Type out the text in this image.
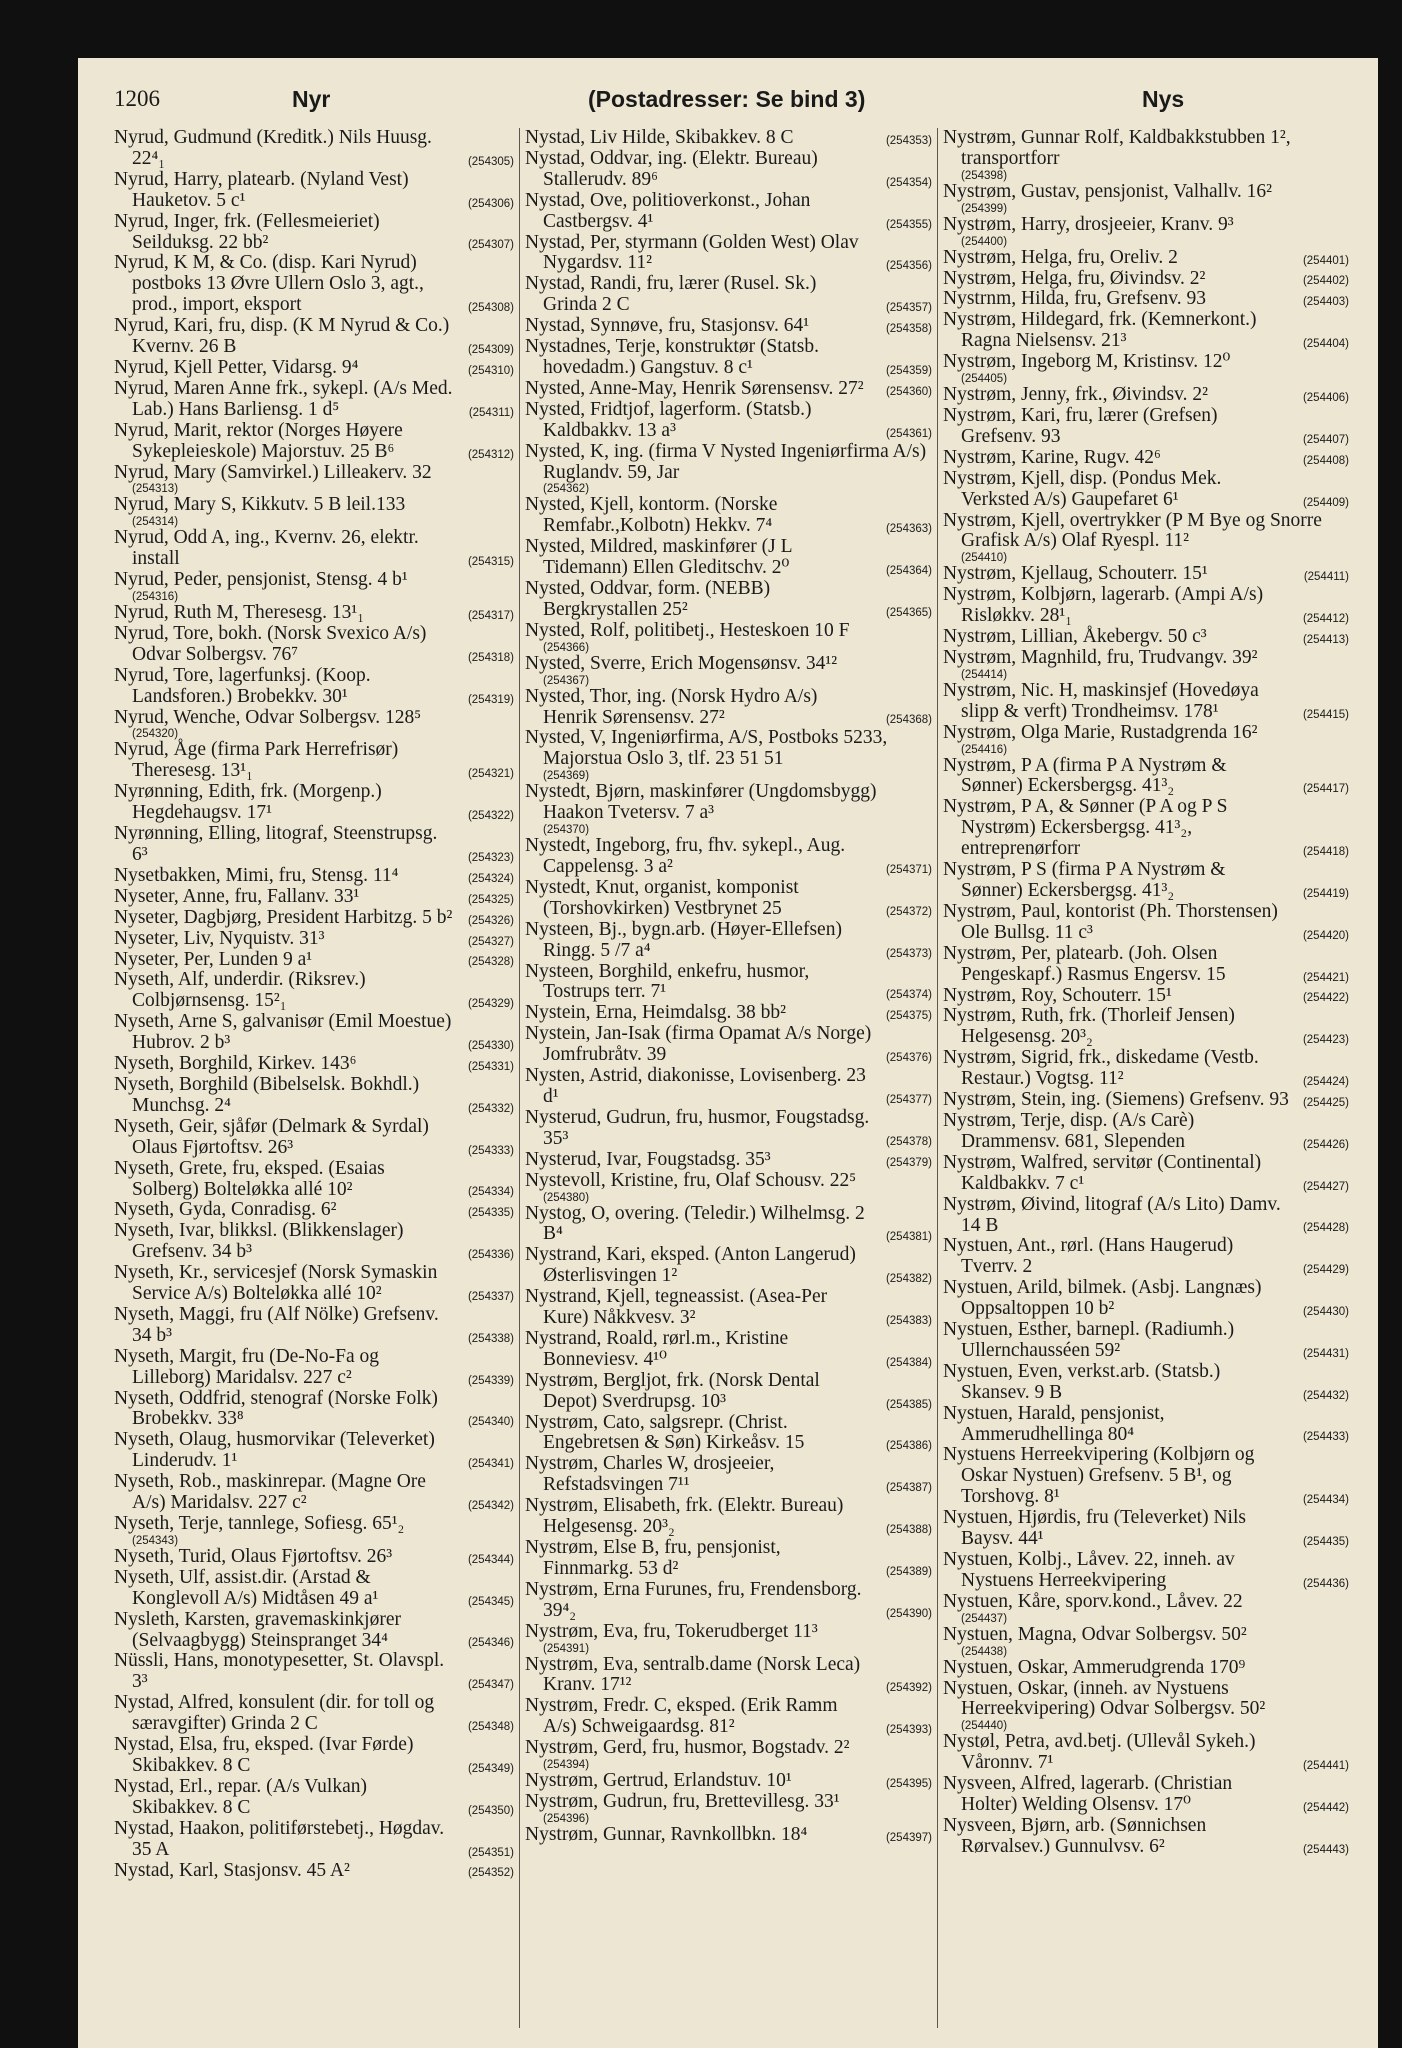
1206	Nyr	(Postadresser: Se bind 3)	Nys
Nyrud, Gudmund (Kreditk.) Nils Huusg. 22⁴₁	(254305)
Nyrud, Harry, platearb. (Nyland Vest) Hauketov. 5 c¹	(254306)
Nyrud, Inger, frk. (Fellesmeieriet) Seilduksg. 22 bb²	(254307)
Nyrud, K M, & Co. (disp. Kari Nyrud) postboks 13 Øvre Ullern Oslo 3, agt., prod., import, eksport	(254308)
Nyrud, Kari, fru, disp. (K M Nyrud & Co.) Kvernv. 26 B	(254309)
Nyrud, Kjell Petter, Vidarsg. 9⁴	(254310)
Nyrud, Maren Anne frk., sykepl. (A/s Med. Lab.) Hans Barliensg. 1 d⁵	(254311)
Nyrud, Marit, rektor (Norges Høyere Sykepleieskole) Majorstuv. 25 B⁶	(254312)
Nyrud, Mary (Samvirkel.) Lilleakerv. 32
(254313)
Nyrud, Mary S, Kikkutv. 5 B leil.133
(254314)
Nyrud, Odd A, ing., Kvernv. 26, elektr. install	(254315)
Nyrud, Peder, pensjonist, Stensg. 4 b¹
(254316)
Nyrud, Ruth M, Theresesg. 13¹₁	(254317)
Nyrud, Tore, bokh. (Norsk Svexico A/s) Odvar Solbergsv. 76⁷	(254318)
Nyrud, Tore, lagerfunksj. (Koop. Landsforen.) Brobekkv. 30¹	(254319)
Nyrud, Wenche, Odvar Solbergsv. 128⁵
(254320)
Nyrud, Åge (firma Park Herrefrisør) Theresesg. 13¹₁	(254321)
Nyrønning, Edith, frk. (Morgenp.) Hegdehaugsv. 17¹	(254322)
Nyrønning, Elling, litograf, Steenstrupsg. 6³	(254323)
Nysetbakken, Mimi, fru, Stensg. 11⁴	(254324)
Nyseter, Anne, fru, Fallanv. 33¹	(254325)
Nyseter, Dagbjørg, President Harbitzg. 5 b² (254326)
Nyseter, Liv, Nyquistv. 31³	(254327)
Nyseter, Per, Lunden 9 a¹	(254328)
Nyseth, Alf, underdir. (Riksrev.) Colbjørnsensg. 15²₁	(254329)
Nyseth, Arne S, galvanisør (Emil Moestue) Hubrov. 2 b³	(254330)
Nyseth, Borghild, Kirkev. 143⁶	(254331)
Nyseth, Borghild (Bibelselsk. Bokhdl.) Munchsg. 2⁴	(254332)
Nyseth, Geir, sjåfør (Delmark & Syrdal) Olaus Fjørtoftsv. 26³	(254333)
Nyseth, Grete, fru, eksped. (Esaias Solberg) Bolteløkka allé 10²	(254334)
Nyseth, Gyda, Conradisg. 6²	(254335)
Nyseth, Ivar, blikksl. (Blikkenslager) Grefsenv. 34 b³	(254336)
Nyseth, Kr., servicesjef (Norsk Symaskin Service A/s) Bolteløkka allé 10²	(254337)
Nyseth, Maggi, fru (Alf Nölke) Grefsenv. 34 b³	(254338)
Nyseth, Margit, fru (De-No-Fa og Lilleborg) Maridalsv. 227 c²	(254339)
Nyseth, Oddfrid, stenograf (Norske Folk) Brobekkv. 33⁸	(254340)
Nyseth, Olaug, husmorvikar (Televerket) Linderudv. 1¹	(254341)
Nyseth, Rob., maskinrepar. (Magne Ore A/s) Maridalsv. 227 c²	(254342)
Nyseth, Terje, tannlege, Sofiesg. 65¹₂
(254343)
Nyseth, Turid, Olaus Fjørtoftsv. 26³	(254344)
Nyseth, Ulf, assist.dir. (Arstad & Konglevoll A/s) Midtåsen 49 a¹	(254345)
Nysleth, Karsten, gravemaskinkjører (Selvaagbygg) Steinspranget 34⁴	(254346)
Nüssli, Hans, monotypesetter, St. Olavspl. 3³	(254347)
Nystad, Alfred, konsulent (dir. for toll og særavgifter) Grinda 2 C	(254348)
Nystad, Elsa, fru, eksped. (Ivar Førde) Skibakkev. 8 C	(254349)
Nystad, Erl., repar. (A/s Vulkan) Skibakkev. 8 C	(254350)
Nystad, Haakon, politiførstebetj., Høgdav. 35 A	(254351)
Nystad, Karl, Stasjonsv. 45 A²	(254352)
Nystad, Liv Hilde, Skibakkev. 8 C	(254353)
Nystad, Oddvar, ing. (Elektr. Bureau) Stallerudv. 89⁶	(254354)
Nystad, Ove, politioverkonst., Johan Castbergsv. 4¹	(254355)
Nystad, Per, styrmann (Golden West) Olav Nygardsv. 11²	(254356)
Nystad, Randi, fru, lærer (Rusel. Sk.) Grinda 2 C	(254357)
Nystad, Synnøve, fru, Stasjonsv. 64¹	(254358)
Nystadnes, Terje, konstruktør (Statsb. hovedadm.) Gangstuv. 8 c¹	(254359)
Nysted, Anne-May, Henrik Sørensensv. 27² (254360)
Nysted, Fridtjof, lagerform. (Statsb.) Kaldbakkv. 13 a³	(254361)
Nysted, K, ing. (firma V Nysted Ingeniørfirma A/s) Ruglandv. 59, Jar
(254362)
Nysted, Kjell, kontorm. (Norske Remfabr.,Kolbotn) Hekkv. 7⁴	(254363)
Nysted, Mildred, maskinfører (J L Tidemann) Ellen Gleditschv. 2⁰	(254364)
Nysted, Oddvar, form. (NEBB) Bergkrystallen 25²	(254365)
Nysted, Rolf, politibetj., Hesteskoen 10 F
(254366)
Nysted, Sverre, Erich Mogensønsv. 34¹²
(254367)
Nysted, Thor, ing. (Norsk Hydro A/s) Henrik Sørensensv. 27²	(254368)
Nysted, V, Ingeniørfirma, A/S, Postboks 5233, Majorstua Oslo 3, tlf. 23 51 51
(254369)
Nystedt, Bjørn, maskinfører (Ungdomsbygg) Haakon Tvetersv. 7 a³
(254370)
Nystedt, Ingeborg, fru, fhv. sykepl., Aug. Cappelensg. 3 a²	(254371)
Nystedt, Knut, organist, komponist (Torshovkirken) Vestbrynet 25	(254372)
Nysteen, Bj., bygn.arb. (Høyer-Ellefsen) Ringg. 5 /7 a⁴	(254373)
Nysteen, Borghild, enkefru, husmor, Tostrups terr. 7¹	(254374)
Nystein, Erna, Heimdalsg. 38 bb²	(254375)
Nystein, Jan-Isak (firma Opamat A/s Norge) Jomfrubråtv. 39	(254376)
Nysten, Astrid, diakonisse, Lovisenberg. 23 d¹	(254377)
Nysterud, Gudrun, fru, husmor, Fougstadsg. 35³	(254378)
Nysterud, Ivar, Fougstadsg. 35³	(254379)
Nystevoll, Kristine, fru, Olaf Schousv. 22⁵
(254380)
Nystog, O, overing. (Teledir.) Wilhelmsg. 2 B⁴	(254381)
Nystrand, Kari, eksped. (Anton Langerud) Østerlisvingen 1²	(254382)
Nystrand, Kjell, tegneassist. (Asea-Per Kure) Nåkkvesv. 3²	(254383)
Nystrand, Roald, rørl.m., Kristine Bonneviesv. 4¹⁰	(254384)
Nystrøm, Bergljot, frk. (Norsk Dental Depot) Sverdrupsg. 10³	(254385)
Nystrøm, Cato, salgsrepr. (Christ. Engebretsen & Søn) Kirkeåsv. 15	(254386)
Nystrøm, Charles W, drosjeeier, Refstadsvingen 7¹¹	(254387)
Nystrøm, Elisabeth, frk. (Elektr. Bureau) Helgesensg. 20³₂	(254388)
Nystrøm, Else B, fru, pensjonist, Finnmarkg. 53 d²	(254389)
Nystrøm, Erna Furunes, fru, Frendensborg. 39⁴₂	(254390)
Nystrøm, Eva, fru, Tokerudberget 11³
(254391)
Nystrøm, Eva, sentralb.dame (Norsk Leca) Kranv. 17¹²	(254392)
Nystrøm, Fredr. C, eksped. (Erik Ramm A/s) Schweigaardsg. 81²	(254393)
Nystrøm, Gerd, fru, husmor, Bogstadv. 2²
(254394)
Nystrøm, Gertrud, Erlandstuv. 10¹	(254395)
Nystrøm, Gudrun, fru, Brettevillesg. 33¹
(254396)
Nystrøm, Gunnar, Ravnkollbkn. 18⁴	(254397)
Nystrøm, Gunnar Rolf, Kaldbakkstubben 1², transportforr
(254398)
Nystrøm, Gustav, pensjonist, Valhallv. 16²
(254399)
Nystrøm, Harry, drosjeeier, Kranv. 9³
(254400)
Nystrøm, Helga, fru, Oreliv. 2	(254401)
Nystrøm, Helga, fru, Øivindsv. 2²	(254402)
Nystrnm, Hilda, fru, Grefsenv. 93	(254403)
Nystrøm, Hildegard, frk. (Kemnerkont.) Ragna Nielsensv. 21³	(254404)
Nystrøm, Ingeborg M, Kristinsv. 12⁰
(254405)
Nystrøm, Jenny, frk., Øivindsv. 2²	(254406)
Nystrøm, Kari, fru, lærer (Grefsen) Grefsenv. 93	(254407)
Nystrøm, Karine, Rugv. 42⁶	(254408)
Nystrøm, Kjell, disp. (Pondus Mek. Verksted A/s) Gaupefaret 6¹	(254409)
Nystrøm, Kjell, overtrykker (P M Bye og Snorre Grafisk A/s) Olaf Ryespl. 11²
(254410)
Nystrøm, Kjellaug, Schouterr. 15¹	(254411)
Nystrøm, Kolbjørn, lagerarb. (Ampi A/s) Risløkkv. 28¹₁	(254412)
Nystrøm, Lillian, Åkebergv. 50 c³	(254413)
Nystrøm, Magnhild, fru, Trudvangv. 39²
(254414)
Nystrøm, Nic. H, maskinsjef (Hovedøya slipp & verft) Trondheimsv. 178¹	(254415)
Nystrøm, Olga Marie, Rustadgrenda 16²
(254416)
Nystrøm, P A (firma P A Nystrøm & Sønner) Eckersbergsg. 41³₂	(254417)
Nystrøm, P A, & Sønner (P A og P S Nystrøm) Eckersbergsg. 41³₂, entreprenørforr	(254418)
Nystrøm, P S (firma P A Nystrøm & Sønner) Eckersbergsg. 41³₂	(254419)
Nystrøm, Paul, kontorist (Ph. Thorstensen) Ole Bullsg. 11 c³	(254420)
Nystrøm, Per, platearb. (Joh. Olsen Pengeskapf.) Rasmus Engersv. 15	(254421)
Nystrøm, Roy, Schouterr. 15¹	(254422)
Nystrøm, Ruth, frk. (Thorleif Jensen) Helgesensg. 20³₂	(254423)
Nystrøm, Sigrid, frk., diskedame (Vestb. Restaur.) Vogtsg. 11²	(254424)
Nystrøm, Stein, ing. (Siemens) Grefsenv. 93 (254425)
Nystrøm, Terje, disp. (A/s Carè) Drammensv. 681, Slependen	(254426)
Nystrøm, Walfred, servitør (Continental) Kaldbakkv. 7 c¹	(254427)
Nystrøm, Øivind, litograf (A/s Lito) Damv. 14 B	(254428)
Nystuen, Ant., rørl. (Hans Haugerud) Tverrv. 2	(254429)
Nystuen, Arild, bilmek. (Asbj. Langnæs) Oppsaltoppen 10 b²	(254430)
Nystuen, Esther, barnepl. (Radiumh.) Ullernchausséen 59²	(254431)
Nystuen, Even, verkst.arb. (Statsb.) Skansev. 9 B	(254432)
Nystuen, Harald, pensjonist, Ammerudhellinga 80⁴	(254433)
Nystuens Herreekvipering (Kolbjørn og Oskar Nystuen) Grefsenv. 5 B¹, og Torshovg. 8¹	(254434)
Nystuen, Hjørdis, fru (Televerket) Nils Baysv. 44¹	(254435)
Nystuen, Kolbj., Låvev. 22, inneh. av Nystuens Herreekvipering	(254436)
Nystuen, Kåre, sporv.kond., Låvev. 22
(254437)
Nystuen, Magna, Odvar Solbergsv. 50²
(254438)
Nystuen, Oskar, Ammerudgrenda 170⁹
Nystuen, Oskar, (inneh. av Nystuens Herreekvipering) Odvar Solbergsv. 50²
(254440)
Nystøl, Petra, avd.betj. (Ullevål Sykeh.) Våronnv. 7¹	(254441)
Nysveen, Alfred, lagerarb. (Christian Holter) Welding Olsensv. 17⁰	(254442)
Nysveen, Bjørn, arb. (Sønnichsen Rørvalsev.) Gunnulvsv. 6²	(254443)
